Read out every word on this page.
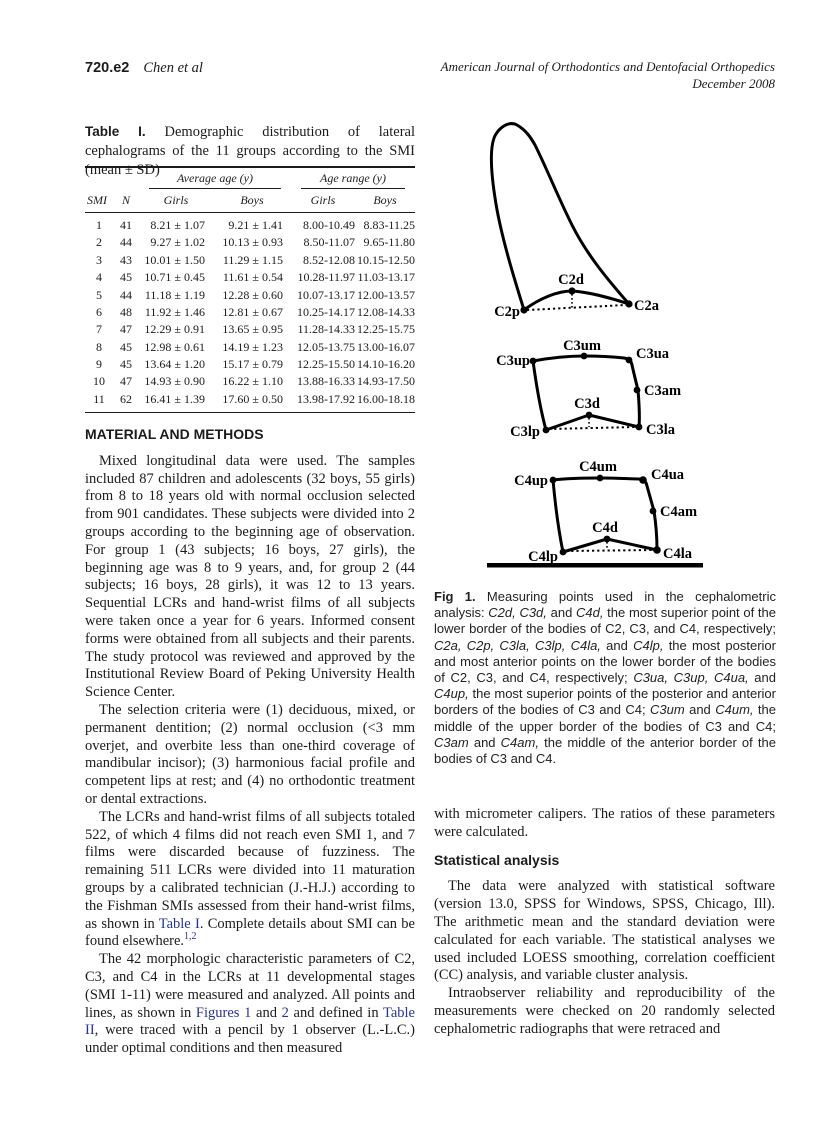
720.e2 Chen et al	American Journal of Orthodontics and Dentofacial Orthopedics
December 2008
Table I. Demographic distribution of lateral cephalograms of the 11 groups according to the SMI (mean ± SD)

		Average age (y)		Age range (y)	

SMI	N	Girls	Boys	Girls	Boys
1	41	8.21 ± 1.07	9.21 ± 1.41	8.00-10.49	8.83-11.25
2	44	9.27 ± 1.02	10.13 ± 0.93	8.50-11.07	9.65-11.80
3	43	10.01 ± 1.50	11.29 ± 1.15	8.52-12.08	10.15-12.50
4	45	10.71 ± 0.45	11.61 ± 0.54	10.28-11.97	11.03-13.17
5	44	11.18 ± 1.19	12.28 ± 0.60	10.07-13.17	12.00-13.57
6	48	11.92 ± 1.46	12.81 ± 0.67	10.25-14.17	12.08-14.33
7	47	12.29 ± 0.91	13.65 ± 0.95	11.28-14.33	12.25-15.75
8	45	12.98 ± 0.61	14.19 ± 1.23	12.05-13.75	13.00-16.07
9	45	13.64 ± 1.20	15.17 ± 0.79	12.25-15.50	14.10-16.20
10	47	14.93 ± 0.90	16.22 ± 1.10	13.88-16.33	14.93-17.50
11	62	16.41 ± 1.39	17.60 ± 0.50	13.98-17.92	16.00-18.18
MATERIAL AND METHODS

Mixed longitudinal data were used. The samples included 87 children and adolescents (32 boys, 55 girls) from 8 to 18 years old with normal occlusion selected from 901 candidates. These subjects were divided into 2 groups according to the beginning age of observation. For group 1 (43 subjects; 16 boys, 27 girls), the beginning age was 8 to 9 years, and, for group 2 (44 subjects; 16 boys, 28 girls), it was 12 to 13 years. Sequential LCRs and hand-wrist films of all subjects were taken once a year for 6 years. Informed consent forms were obtained from all subjects and their parents. The study protocol was reviewed and approved by the Institutional Review Board of Peking University Health Science Center.

The selection criteria were (1) deciduous, mixed, or permanent dentition; (2) normal occlusion (<3 mm overjet, and overbite less than one-third coverage of mandibular incisor); (3) harmonious facial profile and competent lips at rest; and (4) no orthodontic treatment or dental extractions.

The LCRs and hand-wrist films of all subjects totaled 522, of which 4 films did not reach even SMI 1, and 7 films were discarded because of fuzziness. The remaining 511 LCRs were divided into 11 maturation groups by a calibrated technician (J.-H.J.) according to the Fishman SMIs assessed from their hand-wrist films, as shown in Table I. Complete details about SMI can be found elsewhere.$^{1,2}$

The 42 morphologic characteristic parameters of C2, C3, and C4 in the LCRs at 11 developmental stages (SMI 1-11) were measured and analyzed. All points and lines, as shown in Figures 1 and 2 and defined in Table II, were traced with a pencil by 1 observer (L.-L.C.) under optimal conditions and then measured

C2d
C2p	C2a
C3up
C3um C3ua
C3am
C3la
C3d
C3lp
C4up
C4um C4ua
C4am
C4la
C4d
C4lp
Fig 1. Measuring points used in the cephalometric analysis: C2d, C3d, and C4d, the most superior point of the lower border of the bodies of C2, C3, and C4, respectively; C2a, C2p, C3la, C3lp, C4la, and C4lp, the most posterior and most anterior points on the lower border of the bodies of C2, C3, and C4, respectively; C3ua, C3up, C4ua, and C4up, the most superior points of the posterior and anterior borders of the bodies of C3 and C4; C3um and C4um, the middle of the upper border of the bodies of C3 and C4; C3am and C4am, the middle of the anterior border of the bodies of C3 and C4.

with micrometer calipers. The ratios of these parameters were calculated.

Statistical analysis

The data were analyzed with statistical software (version 13.0, SPSS for Windows, SPSS, Chicago, Ill). The arithmetic mean and the standard deviation were calculated for each variable. The statistical analyses we used included LOESS smoothing, correlation coefficient (CC) analysis, and variable cluster analysis.

Intraobserver reliability and reproducibility of the measurements were checked on 20 randomly selected cephalometric radiographs that were retraced and
